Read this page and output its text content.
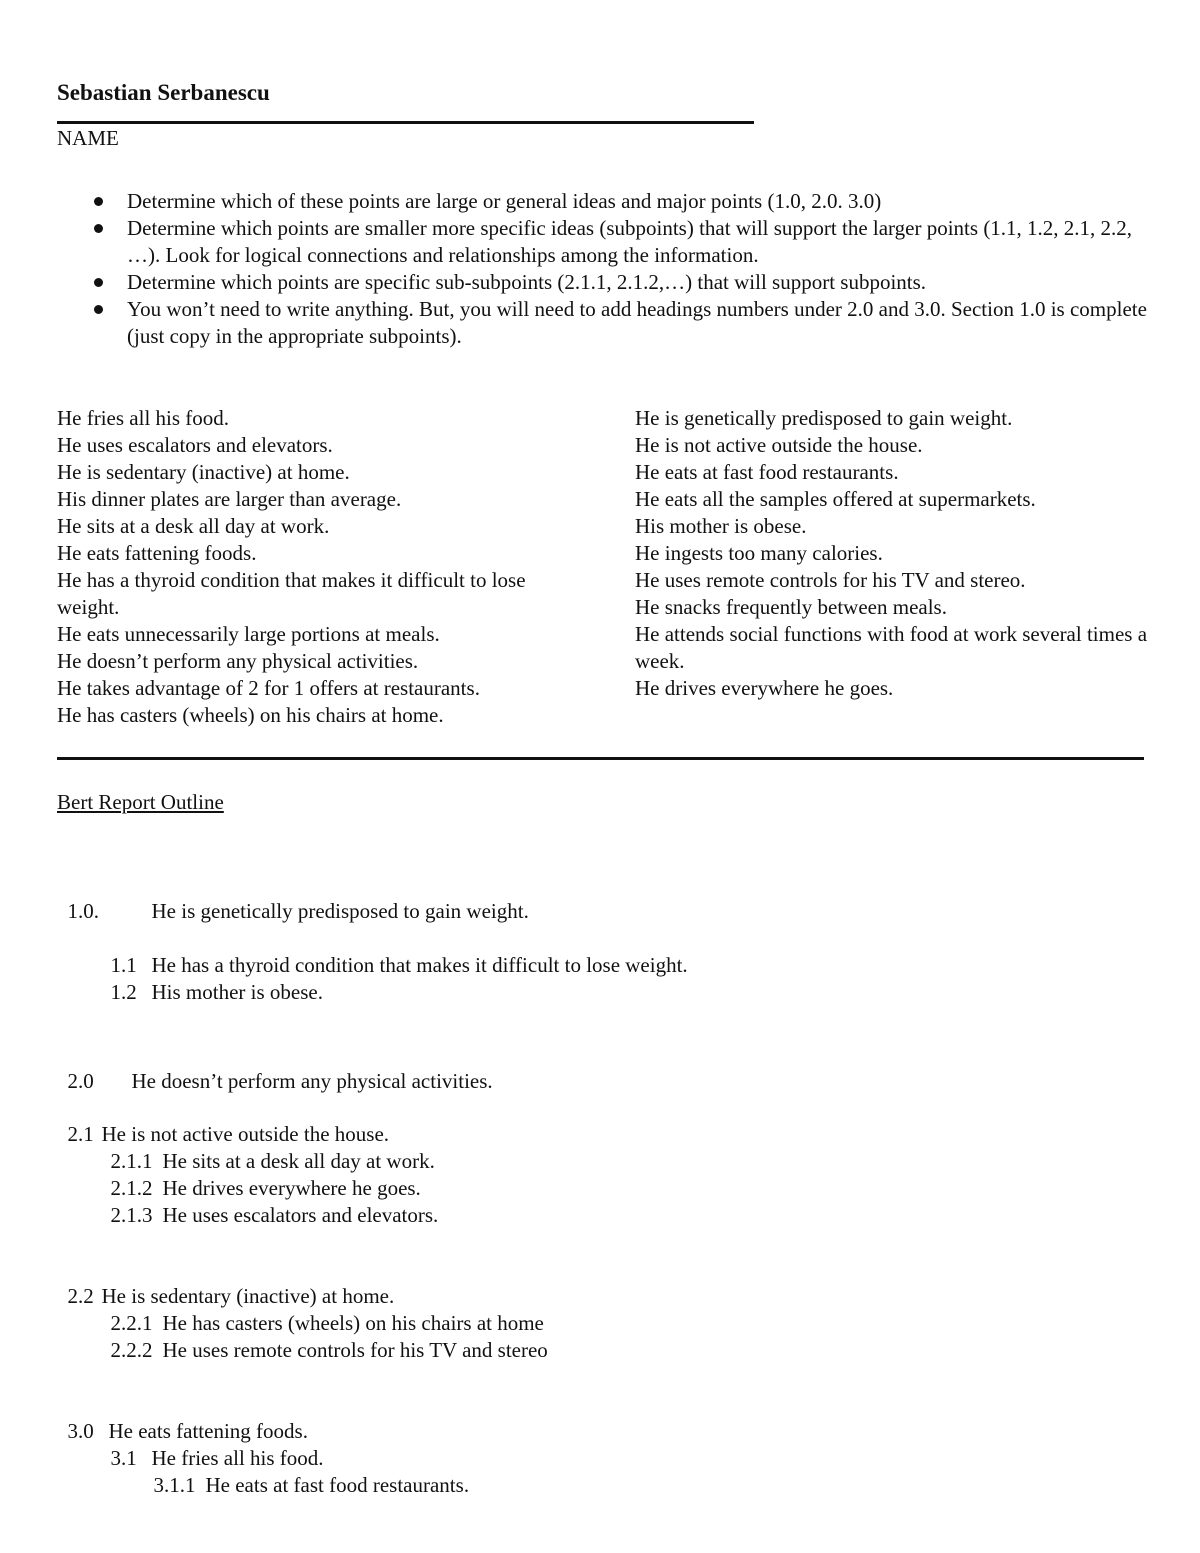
Sebastian Serbanescu
NAME
Determine which of these points are large or general ideas and major points (1.0, 2.0. 3.0)
Determine which points are smaller more specific ideas (subpoints) that will support the larger points (1.1, 1.2, 2.1, 2.2, …). Look for logical connections and relationships among the information.
Determine which points are specific sub-subpoints (2.1.1, 2.1.2,…) that will support subpoints.
You won’t need to write anything. But, you will need to add headings numbers under 2.0 and 3.0. Section 1.0 is complete (just copy in the appropriate subpoints).
He fries all his food.
He uses escalators and elevators.
He is sedentary (inactive) at home.
His dinner plates are larger than average.
He sits at a desk all day at work.
He eats fattening foods.
He has a thyroid condition that makes it difficult to lose weight.
He eats unnecessarily large portions at meals.
He doesn’t perform any physical activities.
He takes advantage of 2 for 1 offers at restaurants.
He has casters (wheels) on his chairs at home.
He is genetically predisposed to gain weight.
He is not active outside the house.
He eats at fast food restaurants.
He eats all the samples offered at supermarkets.
His mother is obese.
He ingests too many calories.
He uses remote controls for his TV and stereo.
He snacks frequently between meals.
He attends social functions with food at work several times a week.
He drives everywhere he goes.
Bert Report Outline

1.0.	He is genetically predisposed to gain weight.

1.1 He has a thyroid condition that makes it difficult to lose weight.

1.2 His mother is obese.

2.0 He doesn’t perform any physical activities.

2.1 He is not active outside the house.

2.1.1 He sits at a desk all day at work.

2.1.2 He drives everywhere he goes.

2.1.3 He uses escalators and elevators.

2.2 He is sedentary (inactive) at home.

2.2.1 He has casters (wheels) on his chairs at home

2.2.2 He uses remote controls for his TV and stereo

3.0 He eats fattening foods.

3.1 He fries all his food.

3.1.1 He eats at fast food restaurants.
